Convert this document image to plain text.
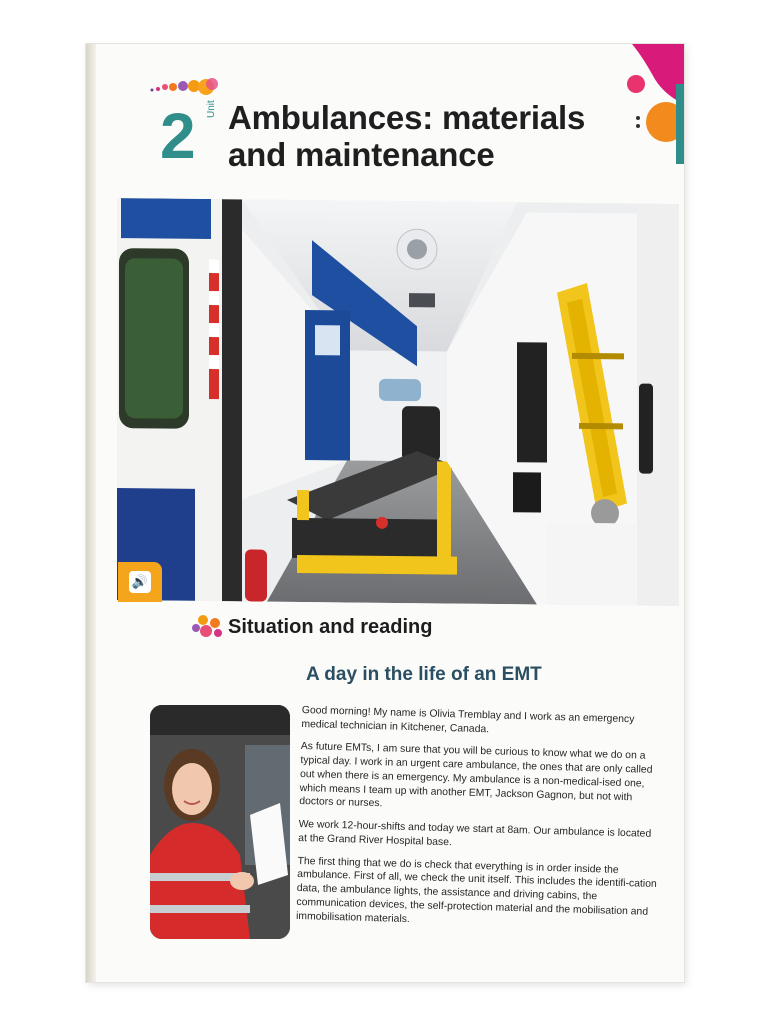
2 Unit Ambulances: materials
and maintenance
🔊
Situation and reading
A day in the life of an EMT

Good morning! My name is Olivia Tremblay and I work as an emergency medical technician in Kitchener, Canada.

As future EMTs, I am sure that you will be curious to know what we do on a typical day. I work in an urgent care ambulance, the ones that are only called out when there is an emergency. My ambulance is a non-medical-ised one, which means I team up with another EMT, Jackson Gagnon, but not with doctors or nurses.

We work 12-hour-shifts and today we start at 8am. Our ambulance is located at the Grand River Hospital base.

The first thing that we do is check that everything is in order inside the ambulance. First of all, we check the unit itself. This includes the identifi-cation data, the ambulance lights, the assistance and driving cabins, the communication devices, the self-protection material and the mobilisation and immobilisation materials.
